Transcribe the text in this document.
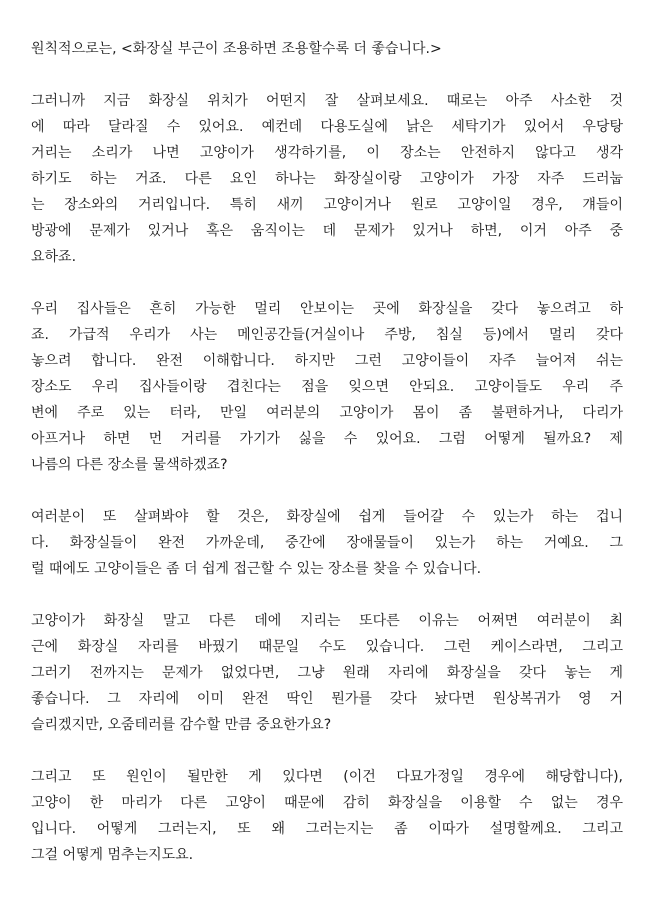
원칙적으로는, <화장실 부근이 조용하면 조용할수록 더 좋습니다.>

그러니까 지금 화장실 위치가 어떤지 잘 살펴보세요. 때로는 아주 사소한 것
에 따라 달라질 수 있어요. 예컨데 다용도실에 낡은 세탁기가 있어서 우당탕
거리는 소리가 나면 고양이가 생각하기를, 이 장소는 안전하지 않다고 생각
하기도 하는 거죠. 다른 요인 하나는 화장실이랑 고양이가 가장 자주 드러눕
는 장소와의 거리입니다. 특히 새끼 고양이거나 원로 고양이일 경우, 걔들이
방광에 문제가 있거나 혹은 움직이는 데 문제가 있거나 하면, 이거 아주 중
요하죠.

우리 집사들은 흔히 가능한 멀리 안보이는 곳에 화장실을 갖다 놓으려고 하
죠. 가급적 우리가 사는 메인공간들(거실이나 주방, 침실 등)에서 멀리 갖다
놓으려 합니다. 완전 이해합니다. 하지만 그런 고양이들이 자주 늘어져 쉬는
장소도 우리 집사들이랑 겹친다는 점을 잊으면 안되요. 고양이들도 우리 주
변에 주로 있는 터라, 만일 여러분의 고양이가 몸이 좀 불편하거나, 다리가
아프거나 하면 먼 거리를 가기가 싫을 수 있어요. 그럼 어떻게 될까요? 제
나름의 다른 장소를 물색하겠죠?

여러분이 또 살펴봐야 할 것은, 화장실에 쉽게 들어갈 수 있는가 하는 겁니
다. 화장실들이 완전 가까운데, 중간에 장애물들이 있는가 하는 거예요. 그
럴 때에도 고양이들은 좀 더 쉽게 접근할 수 있는 장소를 찾을 수 있습니다.

고양이가 화장실 말고 다른 데에 지리는 또다른 이유는 어쩌면 여러분이 최
근에 화장실 자리를 바꿨기 때문일 수도 있습니다. 그런 케이스라면, 그리고
그러기 전까지는 문제가 없었다면, 그냥 원래 자리에 화장실을 갖다 놓는 게
좋습니다. 그 자리에 이미 완전 딱인 뭔가를 갖다 놨다면 원상복귀가 영 거
슬리겠지만, 오줌테러를 감수할 만큼 중요한가요?

그리고 또 원인이 될만한 게 있다면 (이건 다묘가정일 경우에 해당합니다),
고양이 한 마리가 다른 고양이 때문에 감히 화장실을 이용할 수 없는 경우
입니다. 어떻게 그러는지, 또 왜 그러는지는 좀 이따가 설명할께요. 그리고
그걸 어떻게 멈추는지도요.
